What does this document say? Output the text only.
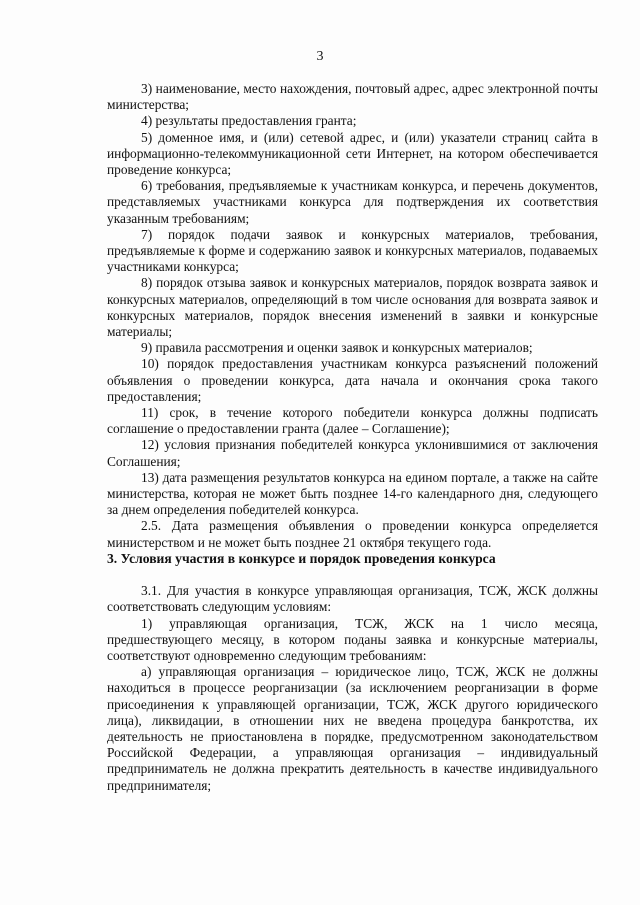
3

3) наименование, место нахождения, почтовый адрес, адрес электронной почты министерства;

4) результаты предоставления гранта;

5) доменное имя, и (или) сетевой адрес, и (или) указатели страниц сайта в информационно-телекоммуникационной сети Интернет, на котором обеспечивается проведение конкурса;

6) требования, предъявляемые к участникам конкурса, и перечень документов, представляемых участниками конкурса для подтверждения их соответствия указанным требованиям;

7) порядок подачи заявок и конкурсных материалов, требования, предъявляемые к форме и содержанию заявок и конкурсных материалов, подаваемых участниками конкурса;

8) порядок отзыва заявок и конкурсных материалов, порядок возврата заявок и конкурсных материалов, определяющий в том числе основания для возврата заявок и конкурсных материалов, порядок внесения изменений в заявки и конкурсные материалы;

9) правила рассмотрения и оценки заявок и конкурсных материалов;

10) порядок предоставления участникам конкурса разъяснений положений объявления о проведении конкурса, дата начала и окончания срока такого предоставления;

11) срок, в течение которого победители конкурса должны подписать соглашение о предоставлении гранта (далее – Соглашение);

12) условия признания победителей конкурса уклонившимися от заключения Соглашения;

13) дата размещения результатов конкурса на едином портале, а также на сайте министерства, которая не может быть позднее 14-го календарного дня, следующего за днем определения победителей конкурса.

2.5. Дата размещения объявления о проведении конкурса определяется министерством и не может быть позднее 21 октября текущего года.

3. Условия участия в конкурсе и порядок проведения конкурса

3.1. Для участия в конкурсе управляющая организация, ТСЖ, ЖСК должны соответствовать следующим условиям:

1) управляющая организация, ТСЖ, ЖСК на 1 число месяца, предшествующего месяцу, в котором поданы заявка и конкурсные материалы, соответствуют одновременно следующим требованиям:

а) управляющая организация – юридическое лицо, ТСЖ, ЖСК не должны находиться в процессе реорганизации (за исключением реорганизации в форме присоединения к управляющей организации, ТСЖ, ЖСК другого юридического лица), ликвидации, в отношении них не введена процедура банкротства, их деятельность не приостановлена в порядке, предусмотренном законодательством Российской Федерации, а управляющая организация – индивидуальный предприниматель не должна прекратить деятельность в качестве индивидуального предпринимателя;
